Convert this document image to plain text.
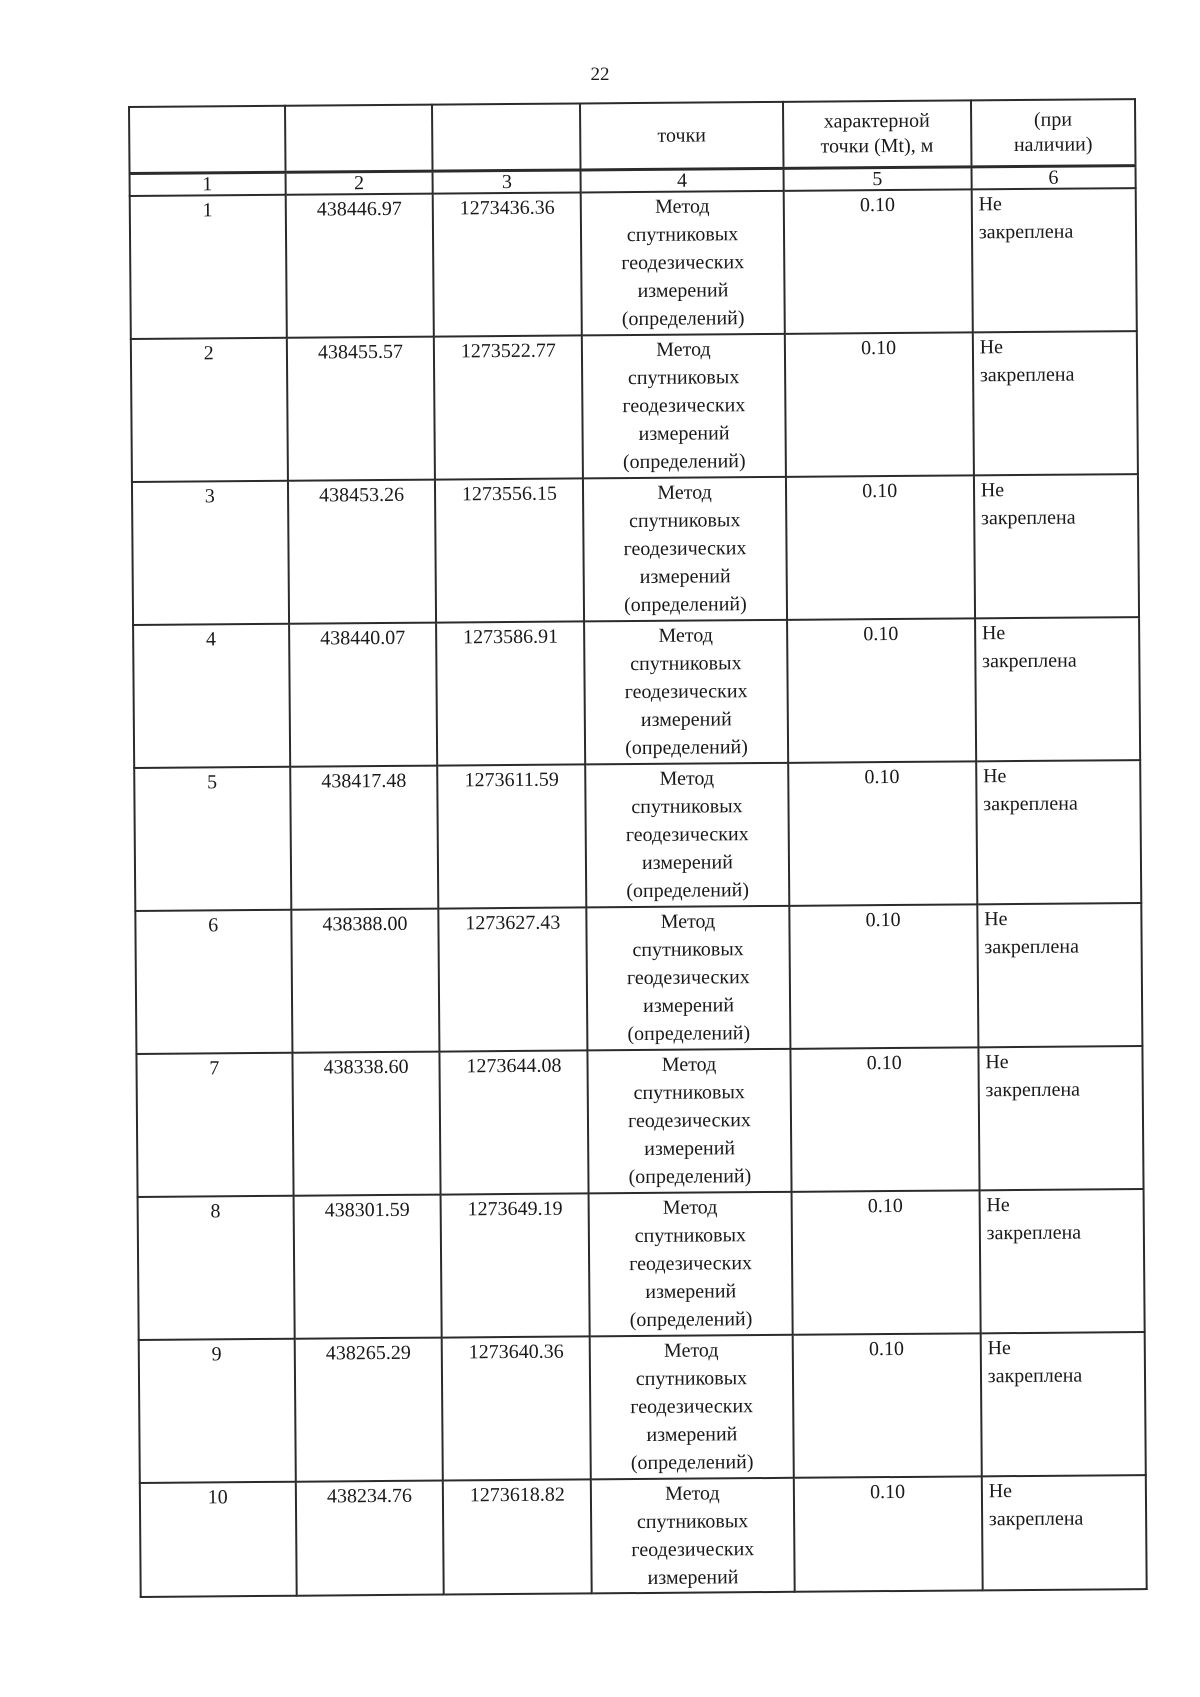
22
			точки	характерной
точки (Mt), м	(при
наличии)

1	2	3	4	5	6
1	438446.97	1273436.36	Метод
спутниковых
геодезических
измерений
(определений)	0.10	Не
закреплена

2	438455.57	1273522.77	Метод
спутниковых
геодезических
измерений
(определений)	0.10	Не
закреплена

3	438453.26	1273556.15	Метод
спутниковых
геодезических
измерений
(определений)	0.10	Не
закреплена

4	438440.07	1273586.91	Метод
спутниковых
геодезических
измерений
(определений)	0.10	Не
закреплена

5	438417.48	1273611.59	Метод
спутниковых
геодезических
измерений
(определений)	0.10	Не
закреплена

6	438388.00	1273627.43	Метод
спутниковых
геодезических
измерений
(определений)	0.10	Не
закреплена

7	438338.60	1273644.08	Метод
спутниковых
геодезических
измерений
(определений)	0.10	Не
закреплена

8	438301.59	1273649.19	Метод
спутниковых
геодезических
измерений
(определений)	0.10	Не
закреплена

9	438265.29	1273640.36	Метод
спутниковых
геодезических
измерений
(определений)	0.10	Не
закреплена

10	438234.76	1273618.82	Метод
спутниковых
геодезических
измерений	0.10	Не
закреплена
